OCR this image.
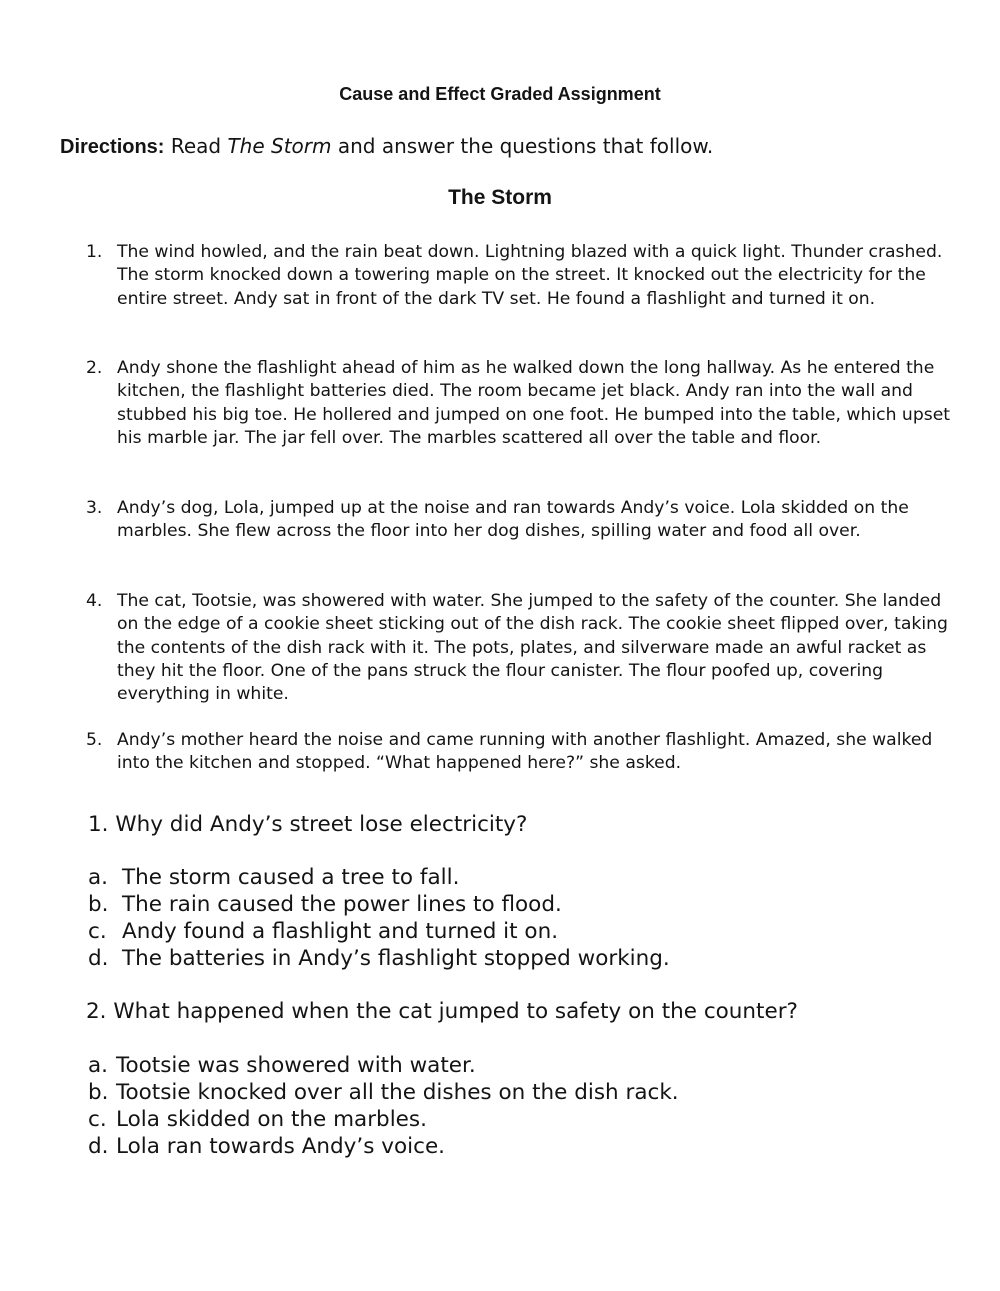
Cause and Effect Graded Assignment
Directions: Read The Storm and answer the questions that follow.
The Storm
1. The wind howled, and the rain beat down. Lightning blazed with a quick light. Thunder crashed. The storm knocked down a towering maple on the street. It knocked out the electricity for the entire street. Andy sat in front of the dark TV set. He found a flashlight and turned it on.
2. Andy shone the flashlight ahead of him as he walked down the long hallway. As he entered the kitchen, the flashlight batteries died. The room became jet black. Andy ran into the wall and stubbed his big toe. He hollered and jumped on one foot. He bumped into the table, which upset his marble jar. The jar fell over. The marbles scattered all over the table and floor.
3. Andy’s dog, Lola, jumped up at the noise and ran towards Andy’s voice. Lola skidded on the marbles. She flew across the floor into her dog dishes, spilling water and food all over.
4. The cat, Tootsie, was showered with water. She jumped to the safety of the counter. She landed on the edge of a cookie sheet sticking out of the dish rack. The cookie sheet flipped over, taking the contents of the dish rack with it. The pots, plates, and silverware made an awful racket as they hit the floor. One of the pans struck the flour canister. The flour poofed up, covering everything in white.
5. Andy’s mother heard the noise and came running with another flashlight. Amazed, she walked into the kitchen and stopped. “What happened here?” she asked.
1. Why did Andy’s street lose electricity?
a. The storm caused a tree to fall.
b. The rain caused the power lines to flood.
c. Andy found a flashlight and turned it on.
d. The batteries in Andy’s flashlight stopped working.
2. What happened when the cat jumped to safety on the counter?
a. Tootsie was showered with water.
b. Tootsie knocked over all the dishes on the dish rack.
c. Lola skidded on the marbles.
d. Lola ran towards Andy’s voice.
